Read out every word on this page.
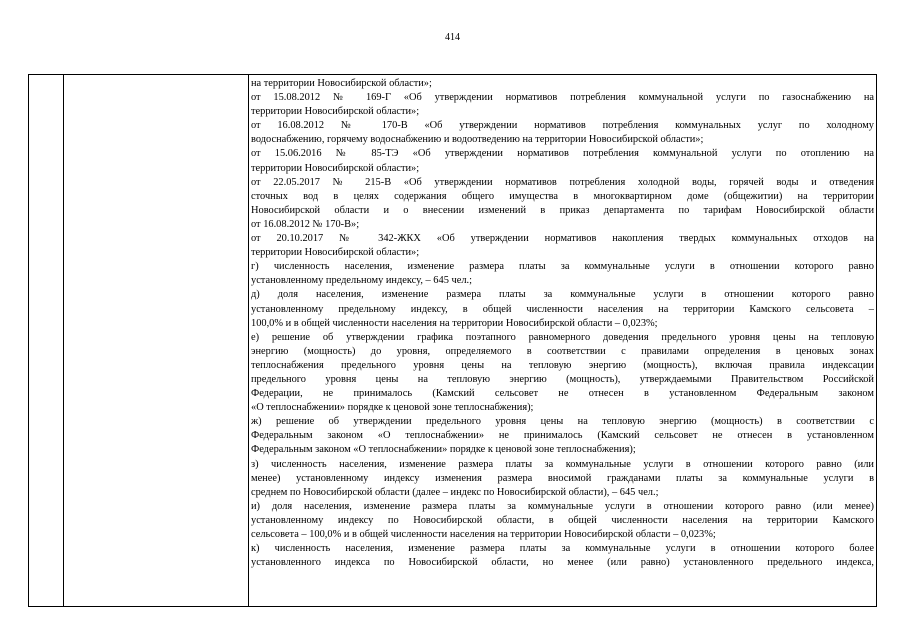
414
на территории Новосибирской области»;
от 15.08.2012 № 169-Г «Об утверждении нормативов потребления коммунальной услуги по газоснабжению на
территории Новосибирской области»;
от 16.08.2012 № 170-В «Об утверждении нормативов потребления коммунальных услуг по холодному
водоснабжению, горячему водоснабжению и водоотведению на территории Новосибирской области»;
от 15.06.2016 № 85-ТЭ «Об утверждении нормативов потребления коммунальной услуги по отоплению на
территории Новосибирской области»;
от 22.05.2017 № 215-В «Об утверждении нормативов потребления холодной воды, горячей воды и отведения
сточных вод в целях содержания общего имущества в многоквартирном доме (общежитии) на территории
Новосибирской области и о внесении изменений в приказ департамента по тарифам Новосибирской области
от 16.08.2012 № 170-В»;
от 20.10.2017 № 342-ЖКХ «Об утверждении нормативов накопления твердых коммунальных отходов на
территории Новосибирской области»;
г) численность населения, изменение размера платы за коммунальные услуги в отношении которого равно
установленному предельному индексу, – 645 чел.;
д) доля населения, изменение размера платы за коммунальные услуги в отношении которого равно
установленному предельному индексу, в общей численности населения на территории Камского сельсовета –
100,0% и в общей численности населения на территории Новосибирской области – 0,023%;
е) решение об утверждении графика поэтапного равномерного доведения предельного уровня цены на тепловую
энергию (мощность) до уровня, определяемого в соответствии с правилами определения в ценовых зонах
теплоснабжения предельного уровня цены на тепловую энергию (мощность), включая правила индексации
предельного уровня цены на тепловую энергию (мощность), утверждаемыми Правительством Российской
Федерации, не принималось (Камский сельсовет не отнесен в установленном Федеральным законом
«О теплоснабжении» порядке к ценовой зоне теплоснабжения);
ж) решение об утверждении предельного уровня цены на тепловую энергию (мощность) в соответствии с
Федеральным законом «О теплоснабжении» не принималось (Камский сельсовет не отнесен в установленном
Федеральным законом «О теплоснабжении» порядке к ценовой зоне теплоснабжения);
з) численность населения, изменение размера платы за коммунальные услуги в отношении которого равно (или
менее) установленному индексу изменения размера вносимой гражданами платы за коммунальные услуги в
среднем по Новосибирской области (далее – индекс по Новосибирской области), – 645 чел.;
и) доля населения, изменение размера платы за коммунальные услуги в отношении которого равно (или менее)
установленному индексу по Новосибирской области, в общей численности населения на территории Камского
сельсовета – 100,0% и в общей численности населения на территории Новосибирской области – 0,023%;
к) численность населения, изменение размера платы за коммунальные услуги в отношении которого более
установленного индекса по Новосибирской области, но менее (или равно) установленного предельного индекса,
